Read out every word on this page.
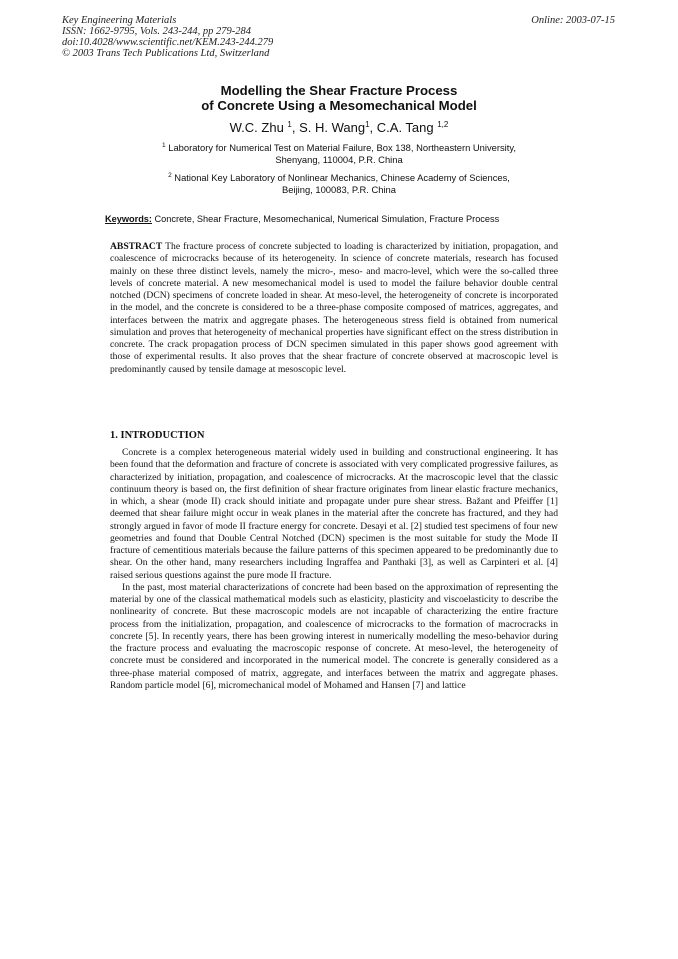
Key Engineering Materials
ISSN: 1662-9795, Vols. 243-244, pp 279-284
doi:10.4028/www.scientific.net/KEM.243-244.279
© 2003 Trans Tech Publications Ltd, Switzerland
Online: 2003-07-15
Modelling the Shear Fracture Process
of Concrete Using a Mesomechanical Model
W.C. Zhu $^1$, S. H. Wang$^1$, C.A. Tang $^{1,2}$
$^1$ Laboratory for Numerical Test on Material Failure, Box 138, Northeastern University,
Shenyang, 110004, P.R. China
$^2$ National Key Laboratory of Nonlinear Mechanics, Chinese Academy of Sciences,
Beijing, 100083, P.R. China
Keywords: Concrete, Shear Fracture, Mesomechanical, Numerical Simulation, Fracture Process
ABSTRACT The fracture process of concrete subjected to loading is characterized by initiation, propagation, and coalescence of microcracks because of its heterogeneity. In science of concrete materials, research has focused mainly on these three distinct levels, namely the micro-, meso- and macro-level, which were the so-called three levels of concrete material. A new mesomechanical model is used to model the failure behavior double central notched (DCN) specimens of concrete loaded in shear. At meso-level, the heterogeneity of concrete is incorporated in the model, and the concrete is considered to be a three-phase composite composed of matrices, aggregates, and interfaces between the matrix and aggregate phases. The heterogeneous stress field is obtained from numerical simulation and proves that heterogeneity of mechanical properties have significant effect on the stress distribution in concrete. The crack propagation process of DCN specimen simulated in this paper shows good agreement with those of experimental results. It also proves that the shear fracture of concrete observed at macroscopic level is predominantly caused by tensile damage at mesoscopic level.
1. INTRODUCTION

Concrete is a complex heterogeneous material widely used in building and constructional engineering. It has been found that the deformation and fracture of concrete is associated with very complicated progressive failures, as characterized by initiation, propagation, and coalescence of microcracks. At the macroscopic level that the classic continuum theory is based on, the first definition of shear fracture originates from linear elastic fracture mechanics, in which, a shear (mode II) crack should initiate and propagate under pure shear stress. Bažant and Pfeiffer [1] deemed that shear failure might occur in weak planes in the material after the concrete has fractured, and they had strongly argued in favor of mode II fracture energy for concrete. Desayi et al. [2] studied test specimens of four new geometries and found that Double Central Notched (DCN) specimen is the most suitable for study the Mode II fracture of cementitious materials because the failure patterns of this specimen appeared to be predominantly due to shear. On the other hand, many researchers including Ingraffea and Panthaki [3], as well as Carpinteri et al. [4] raised serious questions against the pure mode II fracture.

In the past, most material characterizations of concrete had been based on the approximation of representing the material by one of the classical mathematical models such as elasticity, plasticity and viscoelasticity to describe the nonlinearity of concrete. But these macroscopic models are not incapable of characterizing the entire fracture process from the initialization, propagation, and coalescence of microcracks to the formation of macrocracks in concrete [5]. In recently years, there has been growing interest in numerically modelling the meso-behavior during the fracture process and evaluating the macroscopic response of concrete. At meso-level, the heterogeneity of concrete must be considered and incorporated in the numerical model. The concrete is generally considered as a three-phase material composed of matrix, aggregate, and interfaces between the matrix and aggregate phases. Random particle model [6], micromechanical model of Mohamed and Hansen [7] and lattice
